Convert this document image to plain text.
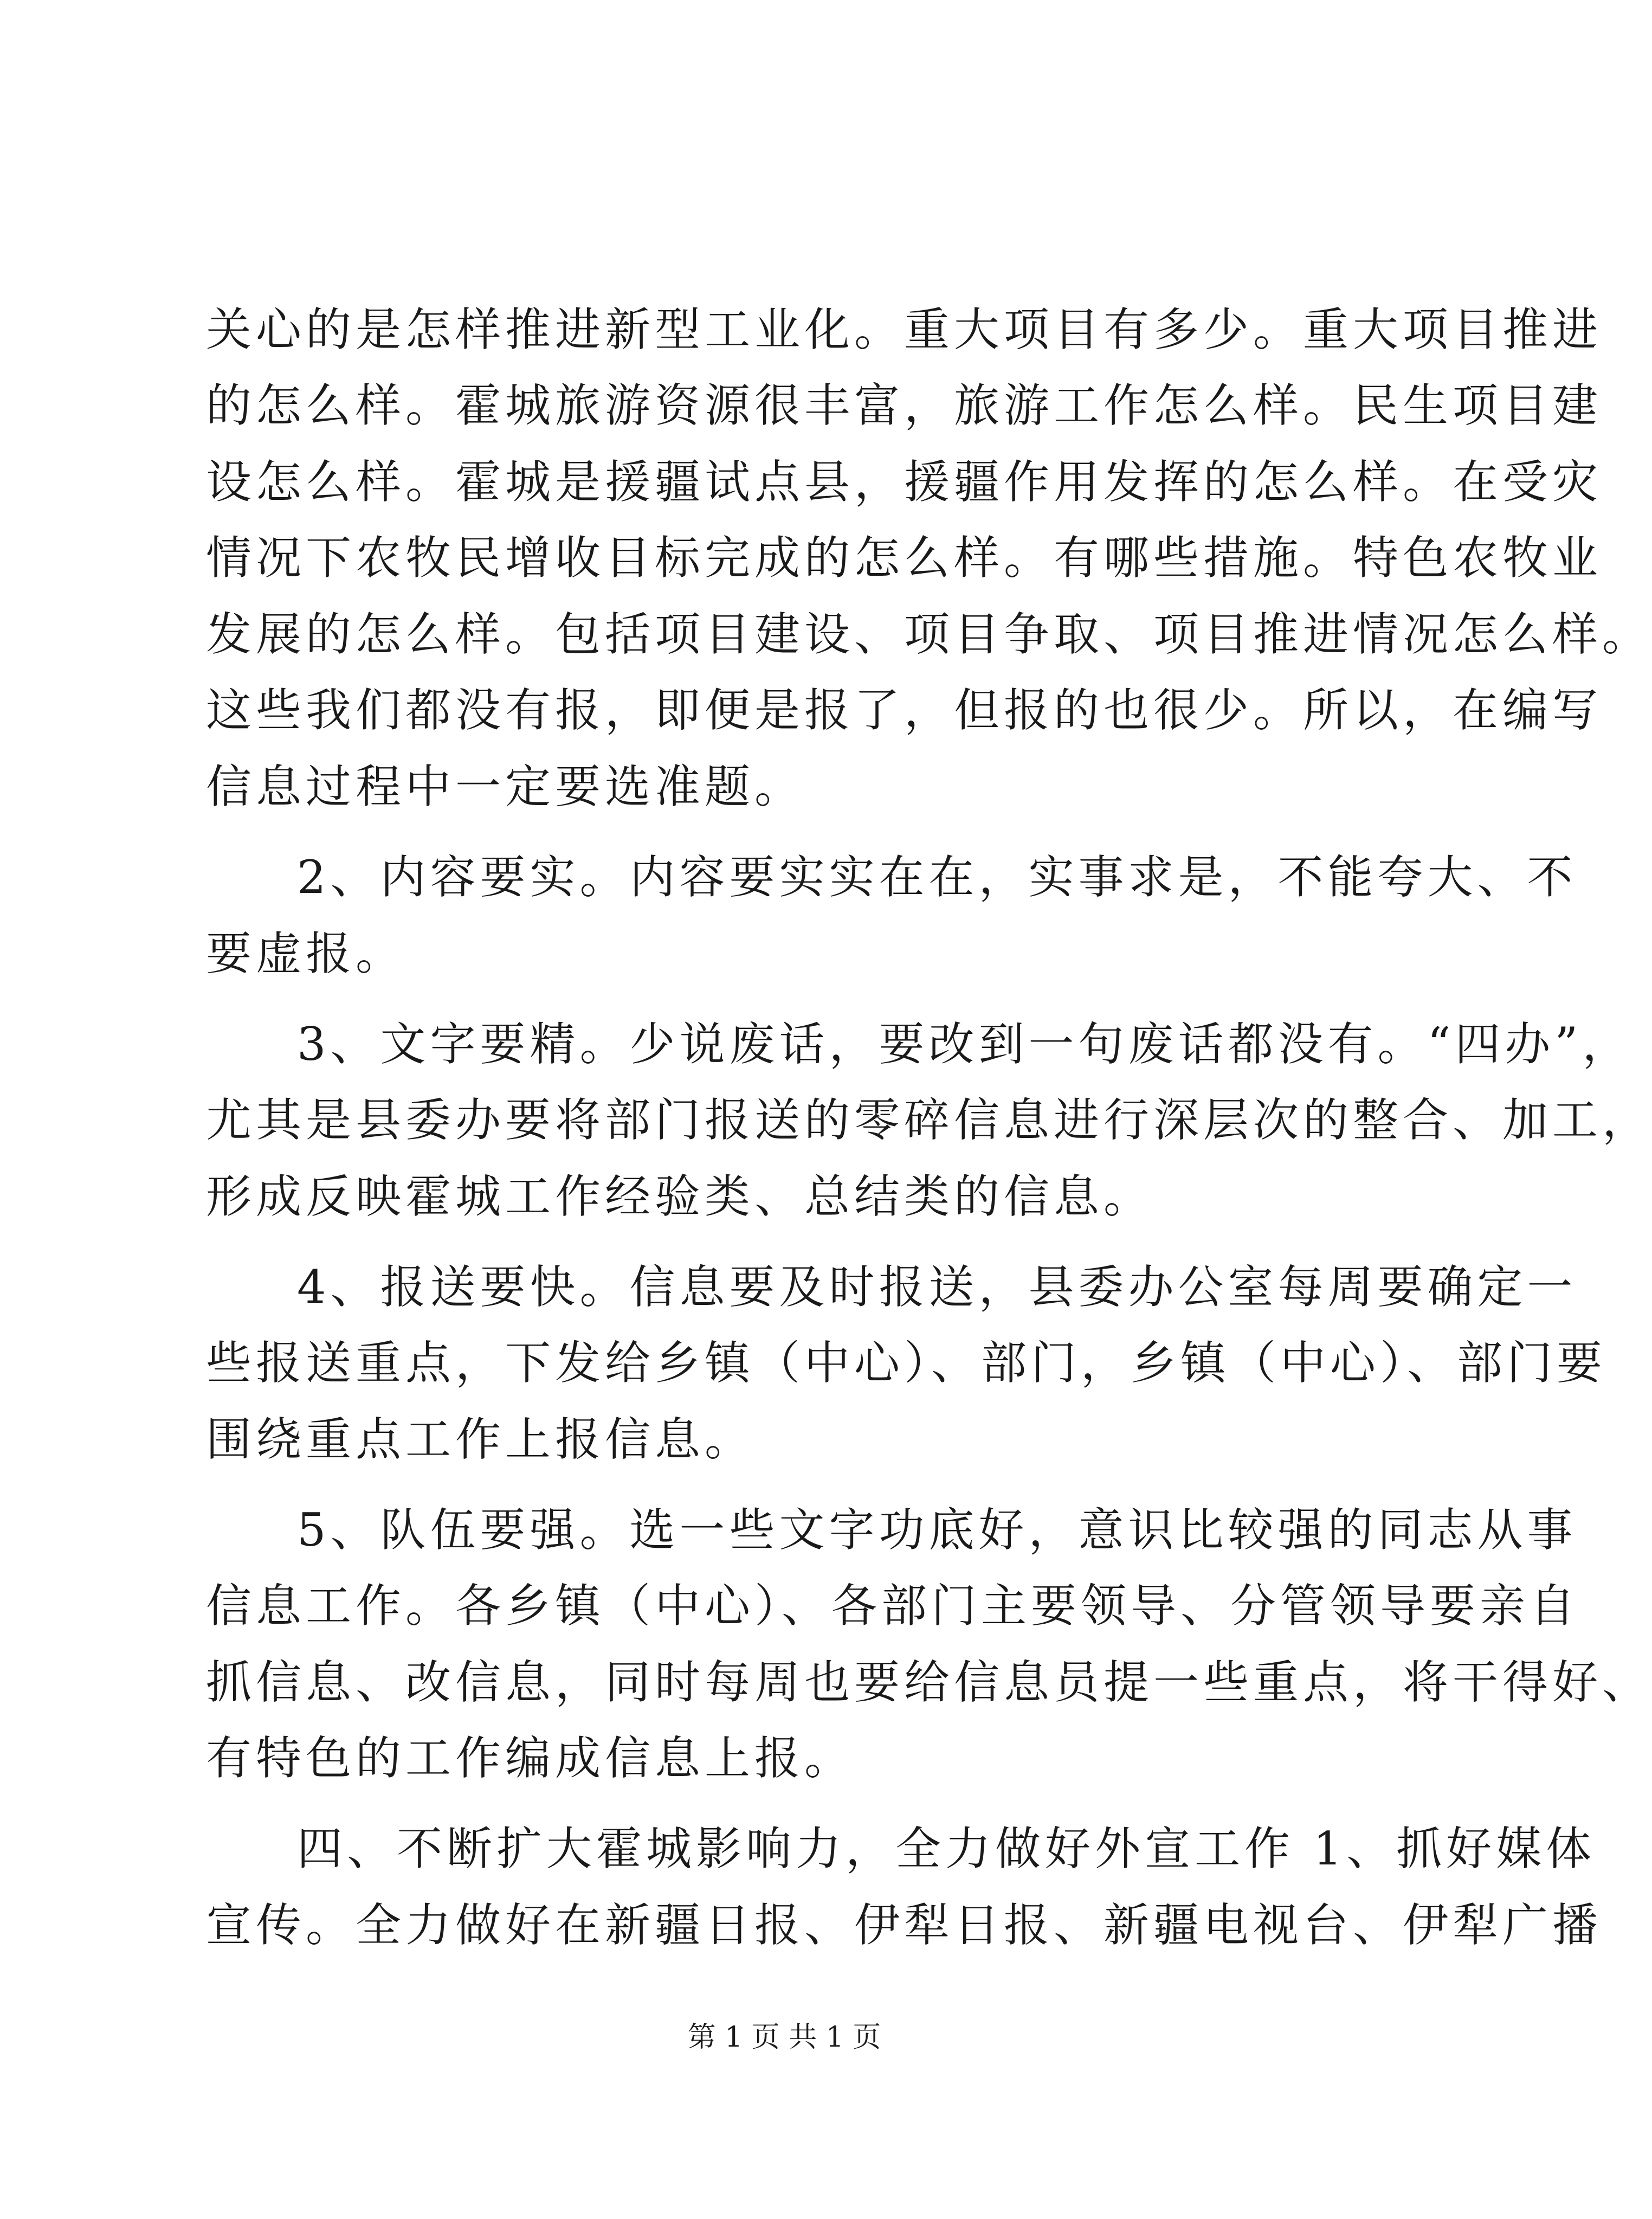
关心的是怎样推进新型工业化。重大项目有多少。重大项目推进
的怎么样。霍城旅游资源很丰富，旅游工作怎么样。民生项目建
设怎么样。霍城是援疆试点县，援疆作用发挥的怎么样。在受灾
情况下农牧民增收目标完成的怎么样。有哪些措施。特色农牧业
发展的怎么样。包括项目建设、项目争取、项目推进情况怎么样。
这些我们都没有报，即便是报了，但报的也很少。所以，在编写
信息过程中一定要选准题。
2、内容要实。内容要实实在在，实事求是，不能夸大、不
要虚报。
3、文字要精。少说废话，要改到一句废话都没有。“四办”，
尤其是县委办要将部门报送的零碎信息进行深层次的整合、加工，
形成反映霍城工作经验类、总结类的信息。
4、报送要快。信息要及时报送，县委办公室每周要确定一
些报送重点，下发给乡镇（中心）、部门，乡镇（中心）、部门要
围绕重点工作上报信息。
5、队伍要强。选一些文字功底好，意识比较强的同志从事
信息工作。各乡镇（中心）、各部门主要领导、分管领导要亲自
抓信息、改信息，同时每周也要给信息员提一些重点，将干得好、
有特色的工作编成信息上报。
四、不断扩大霍城影响力，全力做好外宣工作 1、抓好媒体
宣传。全力做好在新疆日报、伊犁日报、新疆电视台、伊犁广播
第 1 页 共 1 页
